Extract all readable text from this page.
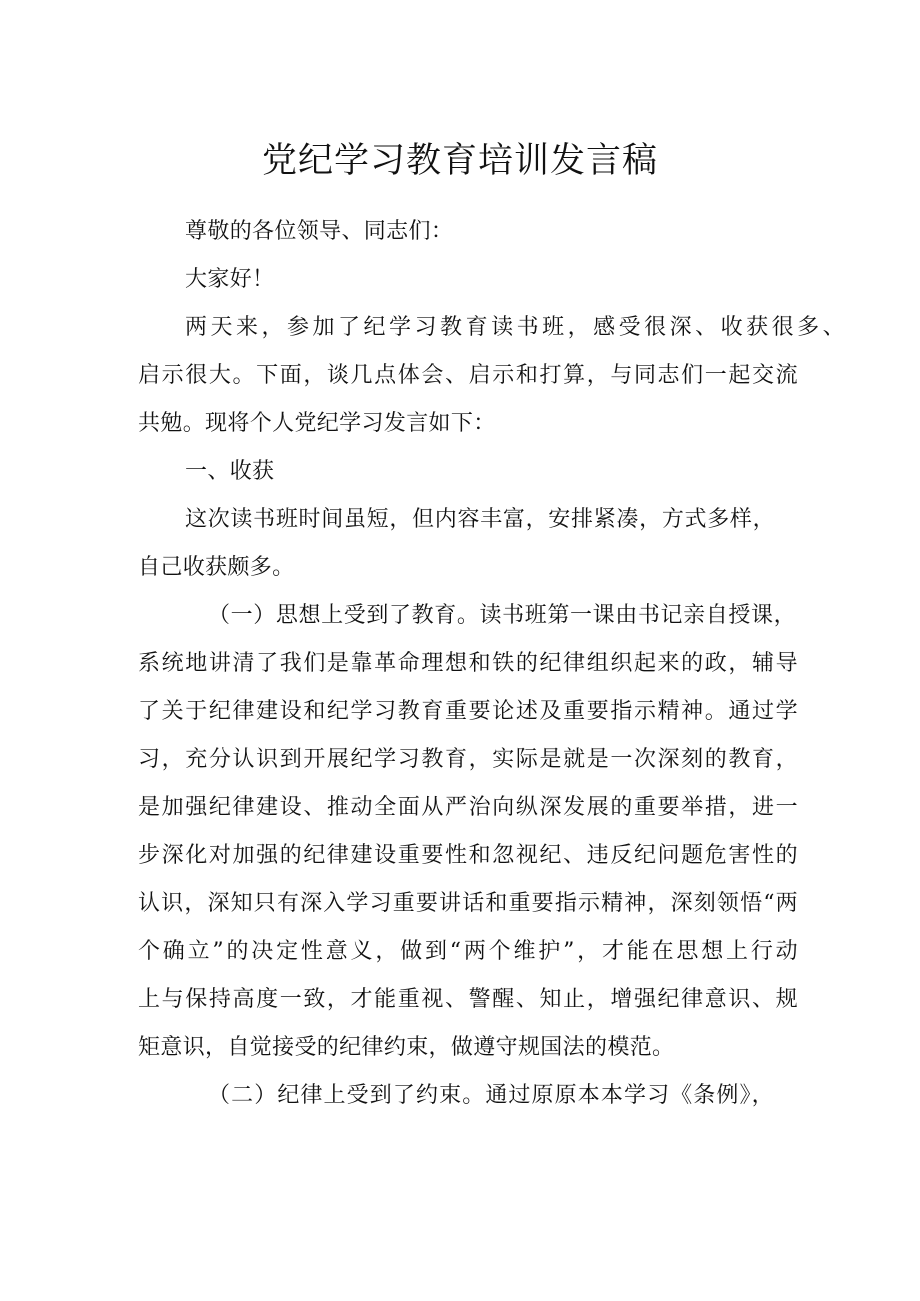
党纪学习教育培训发言稿
尊敬的各位领导、同志们：
大家好！
两天来，参加了纪学习教育读书班，感受很深、收获很多、
启示很大。下面，谈几点体会、启示和打算，与同志们一起交流
共勉。现将个人党纪学习发言如下：
一、收获
这次读书班时间虽短，但内容丰富，安排紧凑，方式多样，
自己收获颇多。
（一）思想上受到了教育。读书班第一课由书记亲自授课，
系统地讲清了我们是靠革命理想和铁的纪律组织起来的政，辅导
了关于纪律建设和纪学习教育重要论述及重要指示精神。通过学
习，充分认识到开展纪学习教育，实际是就是一次深刻的教育，
是加强纪律建设、推动全面从严治向纵深发展的重要举措，进一
步深化对加强的纪律建设重要性和忽视纪、违反纪问题危害性的
认识，深知只有深入学习重要讲话和重要指示精神，深刻领悟“两
个确立”的决定性意义，做到“两个维护”，才能在思想上行动
上与保持高度一致，才能重视、警醒、知止，增强纪律意识、规
矩意识，自觉接受的纪律约束，做遵守规国法的模范。
（二）纪律上受到了约束。通过原原本本学习《条例》，
